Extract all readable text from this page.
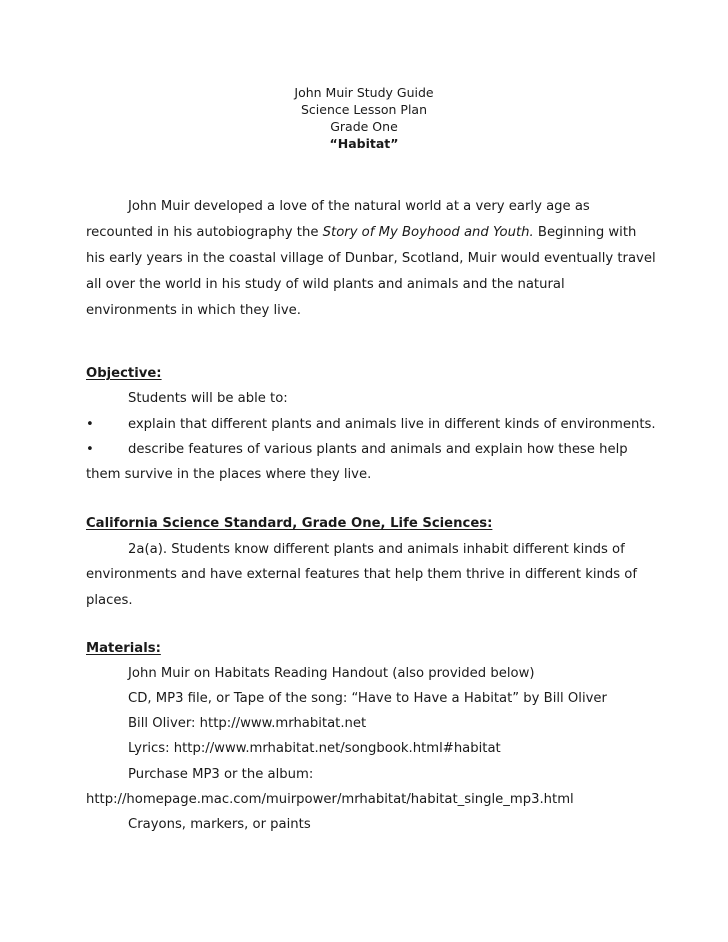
John Muir Study Guide
Science Lesson Plan
Grade One
“Habitat”

John Muir developed a love of the natural world at a very early age as recounted in his autobiography the Story of My Boyhood and Youth. Beginning with his early years in the coastal village of Dunbar, Scotland, Muir would eventually travel all over the world in his study of wild plants and animals and the natural environments in which they live.

Objective:
Students will be able to:
•	explain that different plants and animals live in different kinds of environments.
•	describe features of various plants and animals and explain how these help
them survive in the places where they live.
California Science Standard, Grade One, Life Sciences:
2a(a). Students know different plants and animals inhabit different kinds of
environments and have external features that help them thrive in different kinds of
places.
Materials:
John Muir on Habitats Reading Handout (also provided below)
CD, MP3 file, or Tape of the song: “Have to Have a Habitat” by Bill Oliver
Bill Oliver: http://www.mrhabitat.net
Lyrics: http://www.mrhabitat.net/songbook.html#habitat
Purchase MP3 or the album:
http://homepage.mac.com/muirpower/mrhabitat/habitat_single_mp3.html
Crayons, markers, or paints
